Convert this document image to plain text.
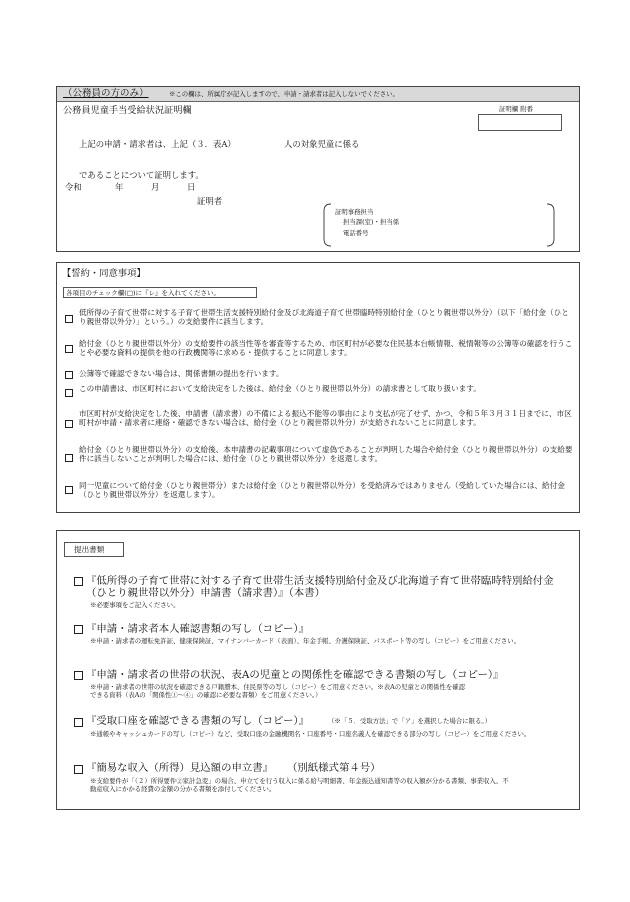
（公務員の方のみ）	※この欄は、所属庁が記入しますので、申請・請求者は記入しないでください。
公務員児童手当受給状況証明欄	証明欄 附番
上記の申請・請求者は、上記（３．表A）	人の対象児童に係る
であることについて証明します。
令和	年	月	日
証明者
証明事務担当
担当課(室)・担当係
電話番号
【誓約・同意事項】
各項目のチェック欄(□)に『レ』を入れてください。
低所得の子育て世帯に対する子育て世帯生活支援特別給付金及び北海道子育て世帯臨時特別給付金（ひとり親世帯以外分）（以下「給付金（ひとり親世帯以外分）」という。）の支給要件に該当します。
給付金（ひとり親世帯以外分）の支給要件の該当性等を審査等するため、市区町村が必要な住民基本台帳情報、税情報等の公簿等の確認を行うことや必要な資料の提供を他の行政機関等に求める・提供することに同意します。
公簿等で確認できない場合は、関係書類の提出を行います。
この申請書は、市区町村において支給決定をした後は、給付金（ひとり親世帯以外分）の請求書として取り扱います。
市区町村が支給決定をした後、申請書（請求書）の不備による振込不能等の事由により支払が完了せず、かつ、令和５年３月３１日までに、市区町村が申請・請求者に連絡・確認できない場合は、給付金（ひとり親世帯以外分）が支給されないことに同意します。
給付金（ひとり親世帯以外分）の支給後、本申請書の記載事項について虚偽であることが判明した場合や給付金（ひとり親世帯以外分）の支給要件に該当しないことが判明した場合には、給付金（ひとり親世帯以外分）を返還します。
同一児童について給付金（ひとり親世帯分）または給付金（ひとり親世帯以外分）を受給済みではありません（受給していた場合には、給付金（ひとり親世帯以外分）を返還します）。
提出書類
『低所得の子育て世帯に対する子育て世帯生活支援特別給付金及び北海道子育て世帯臨時特別給付金（ひとり親世帯以外分）申請書（請求書）』（本書）
※必要事項をご記入ください。
『申請・請求者本人確認書類の写し（コピー）』
※申請・請求者の運転免許証、健康保険証、マイナンバーカード（表面）、年金手帳、介護保険証、パスポート等の写し（コピー）をご用意ください。
『申請・請求者の世帯の状況、表Aの児童との関係性を確認できる書類の写し（コピー）』
※申請・請求者の世帯の状況を確認できる戸籍謄本、住民票等の写し（コピー）をご用意ください。※表Aの児童との関係性を確認できる資料（表Aの「関係性①～④」の確認に必要な書類）をご用意ください。）
『受取口座を確認できる書類の写し（コピー）』	（※「５．受取方法」で「ア」を選択した場合に限る。）
※通帳やキャッシュカードの写し（コピー）など、受取口座の金融機関名・口座番号・口座名義人を確認できる部分の写し（コピー）をご用意ください。
『簡易な収入（所得）見込額の申立書』 （別紙様式第４号）
※支給要件が「（２）所得要件②家計急変」の場合、申立てを行う収入に係る給与明細書、年金振込通知書等の収入額が分かる書類、事業収入、不動産収入にかかる経費の金額の分かる書類を添付してください。
